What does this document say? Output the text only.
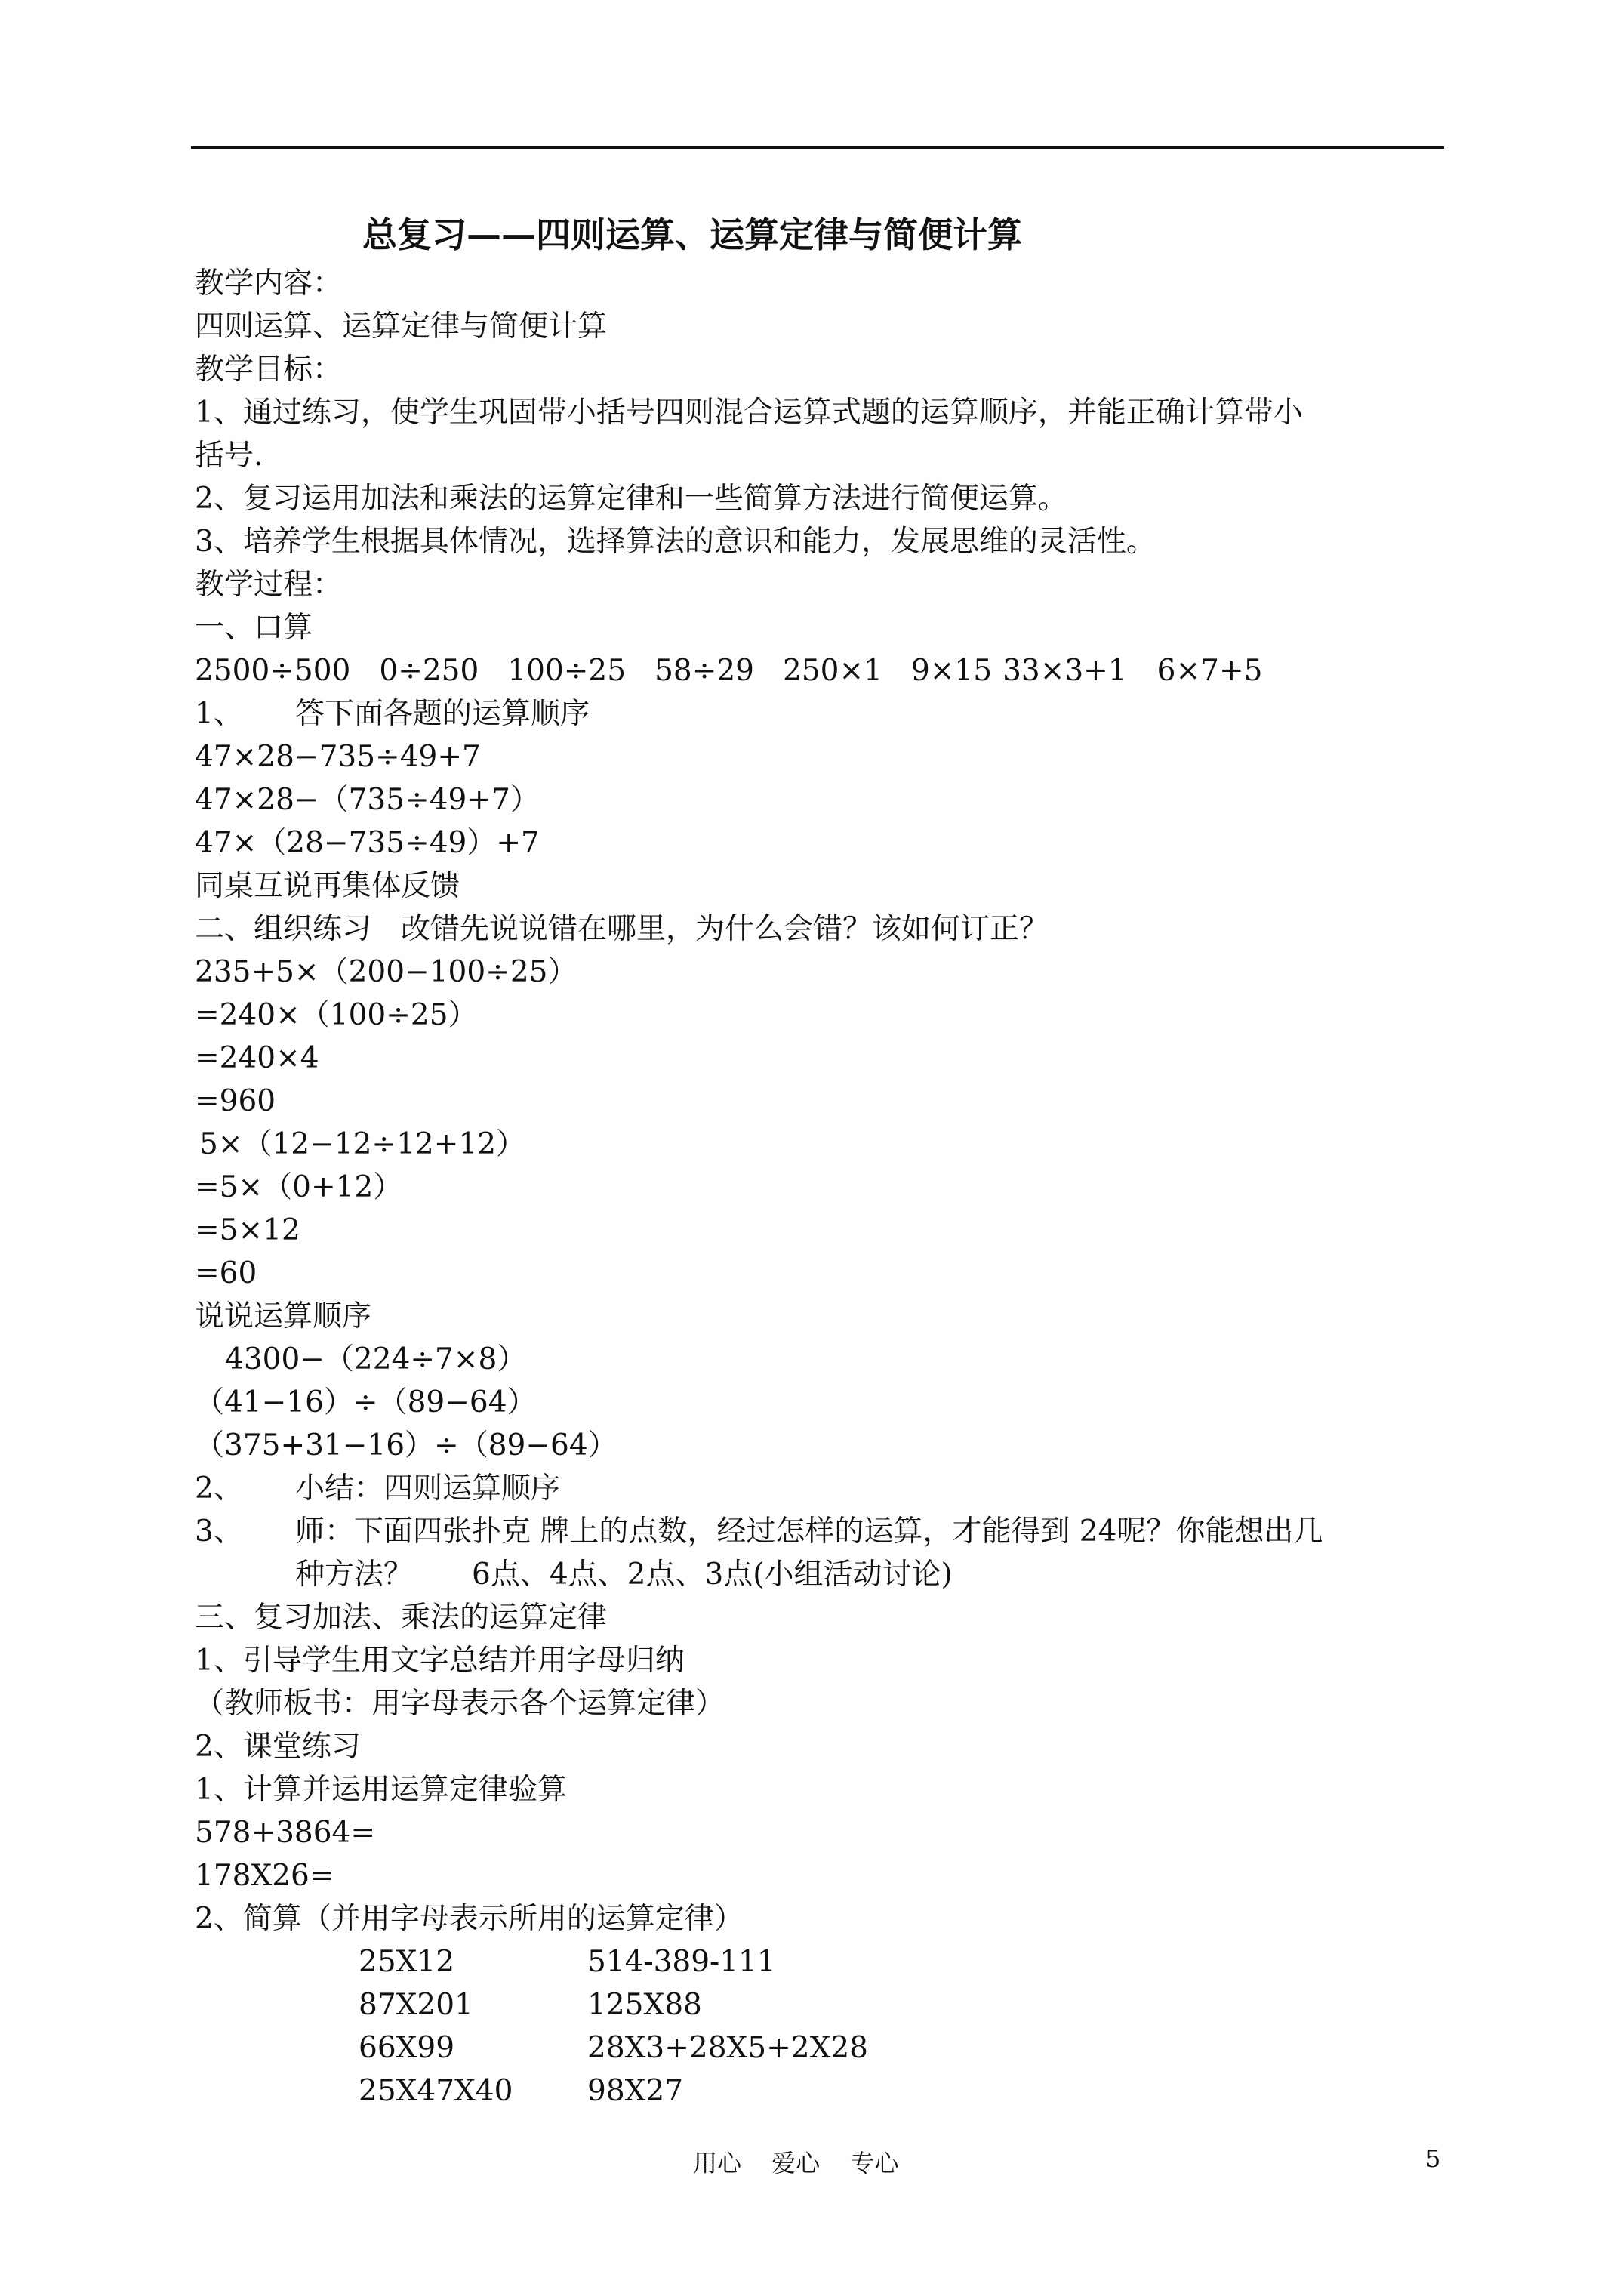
总复习——四则运算、运算定律与简便计算
教学内容：
四则运算、运算定律与简便计算
教学目标：
1、通过练习，使学生巩固带小括号四则混合运算式题的运算顺序，并能正确计算带小
括号.
2、复习运用加法和乘法的运算定律和一些简算方法进行简便运算。
3、培养学生根据具体情况，选择算法的意识和能力，发展思维的灵活性。
教学过程：
一、口算
2500÷500 0÷250 100÷25 58÷29 250×1 9×15 33×3+1 6×7+5
1、 答下面各题的运算顺序
47×28−735÷49+7
47×28−（735÷49+7）
47×（28−735÷49）+7
同桌互说再集体反馈
二、组织练习　改错先说说错在哪里，为什么会错？该如何订正？
235+5×（200−100÷25）
=240×（100÷25）
=240×4
=960
5×（12−12÷12+12）
=5×（0+12）
=5×12
=60
说说运算顺序
4300−（224÷7×8）
（41−16）÷（89−64）
（375+31−16）÷（89−64）
2、 小结：四则运算顺序
3、 师：下面四张扑克 牌上的点数，经过怎样的运算，才能得到 24呢？你能想出几
种方法？　　6点、4点、2点、3点(小组活动讨论)
三、复习加法、乘法的运算定律
1、引导学生用文字总结并用字母归纳
（教师板书：用字母表示各个运算定律）
2、课堂练习
1、计算并运用运算定律验算
578+3864=
178X26=
2、简算（并用字母表示所用的运算定律）
25X12	514-389-111
87X201	125X88
66X99	28X3+28X5+2X28
25X47X40	98X27
用心 爱心 专心	5
